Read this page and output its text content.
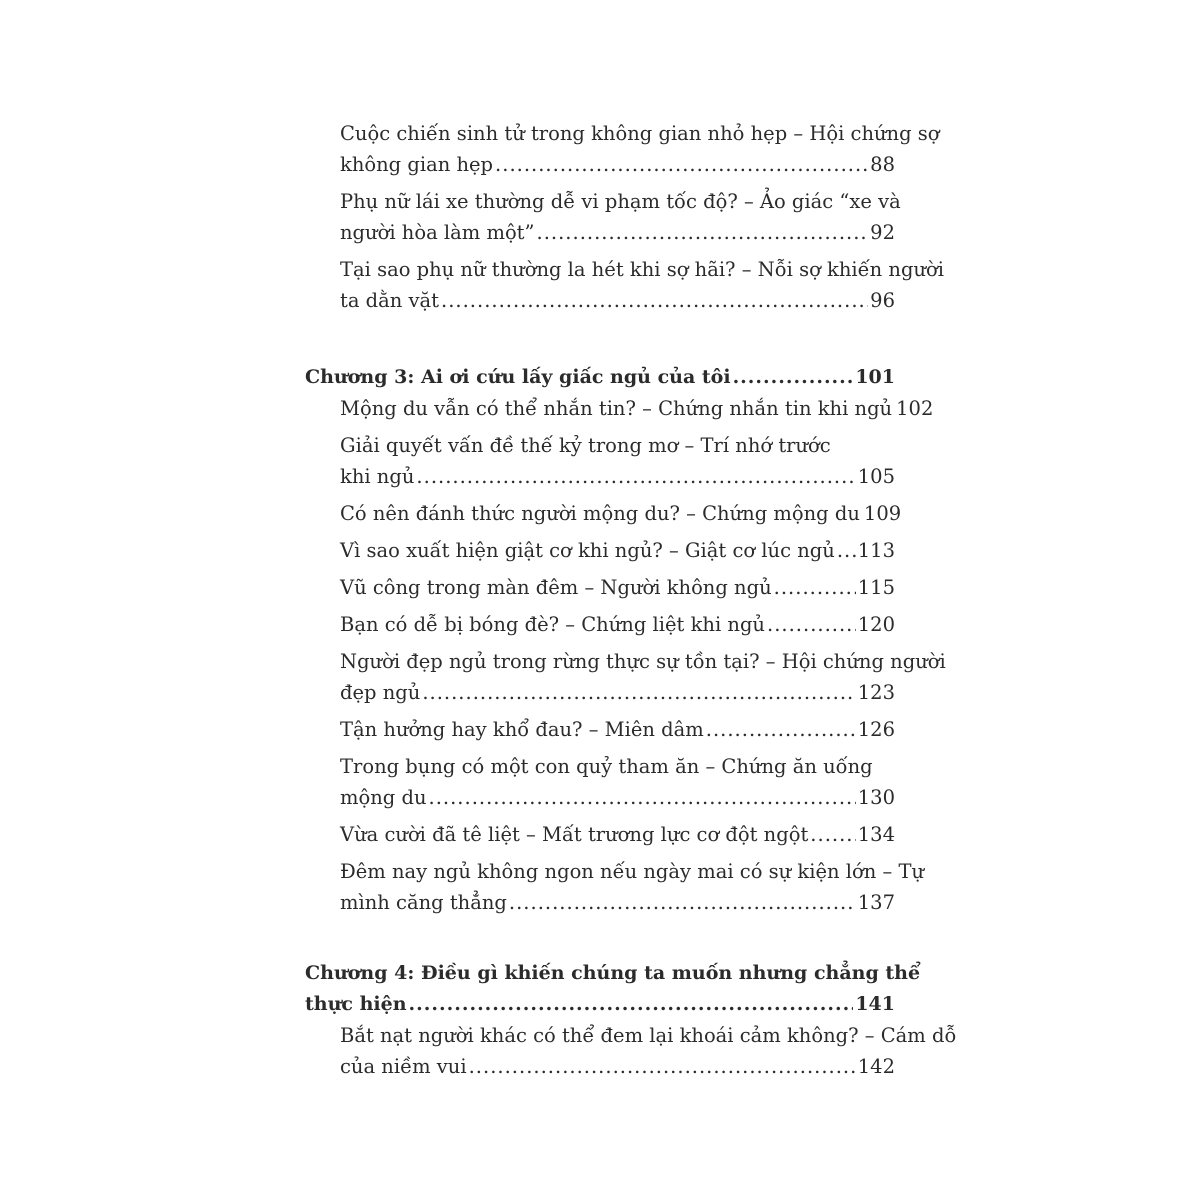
Cuộc chiến sinh tử trong không gian nhỏ hẹp – Hội chứng sợ
không gian hẹp .....	88
Phụ nữ lái xe thường dễ vi phạm tốc độ? – Ảo giác “xe và
người hòa làm một” .....	92
Tại sao phụ nữ thường la hét khi sợ hãi? – Nỗi sợ khiến người
ta dằn vặt .....	96
Chương 3: Ai ơi cứu lấy giấc ngủ của tôi .....	101
Mộng du vẫn có thể nhắn tin? – Chứng nhắn tin khi ngủ 102
Giải quyết vấn đề thế kỷ trong mơ – Trí nhớ trước
khi ngủ .....	105
Có nên đánh thức người mộng du? – Chứng mộng du 109
Vì sao xuất hiện giật cơ khi ngủ? – Giật cơ lúc ngủ ..... 113
Vũ công trong màn đêm – Người không ngủ .....	115
Bạn có dễ bị bóng đè? – Chứng liệt khi ngủ .....	120
Người đẹp ngủ trong rừng thực sự tồn tại? – Hội chứng người
đẹp ngủ .....	123
Tận hưởng hay khổ đau? – Miên dâm .....	126
Trong bụng có một con quỷ tham ăn – Chứng ăn uống
mộng du .....	130
Vừa cười đã tê liệt – Mất trương lực cơ đột ngột .....	134
Đêm nay ngủ không ngon nếu ngày mai có sự kiện lớn – Tự
mình căng thẳng .....	137
Chương 4: Điều gì khiến chúng ta muốn nhưng chẳng thể
thực hiện .....	141
Bắt nạt người khác có thể đem lại khoái cảm không? – Cám dỗ
của niềm vui .....	142
